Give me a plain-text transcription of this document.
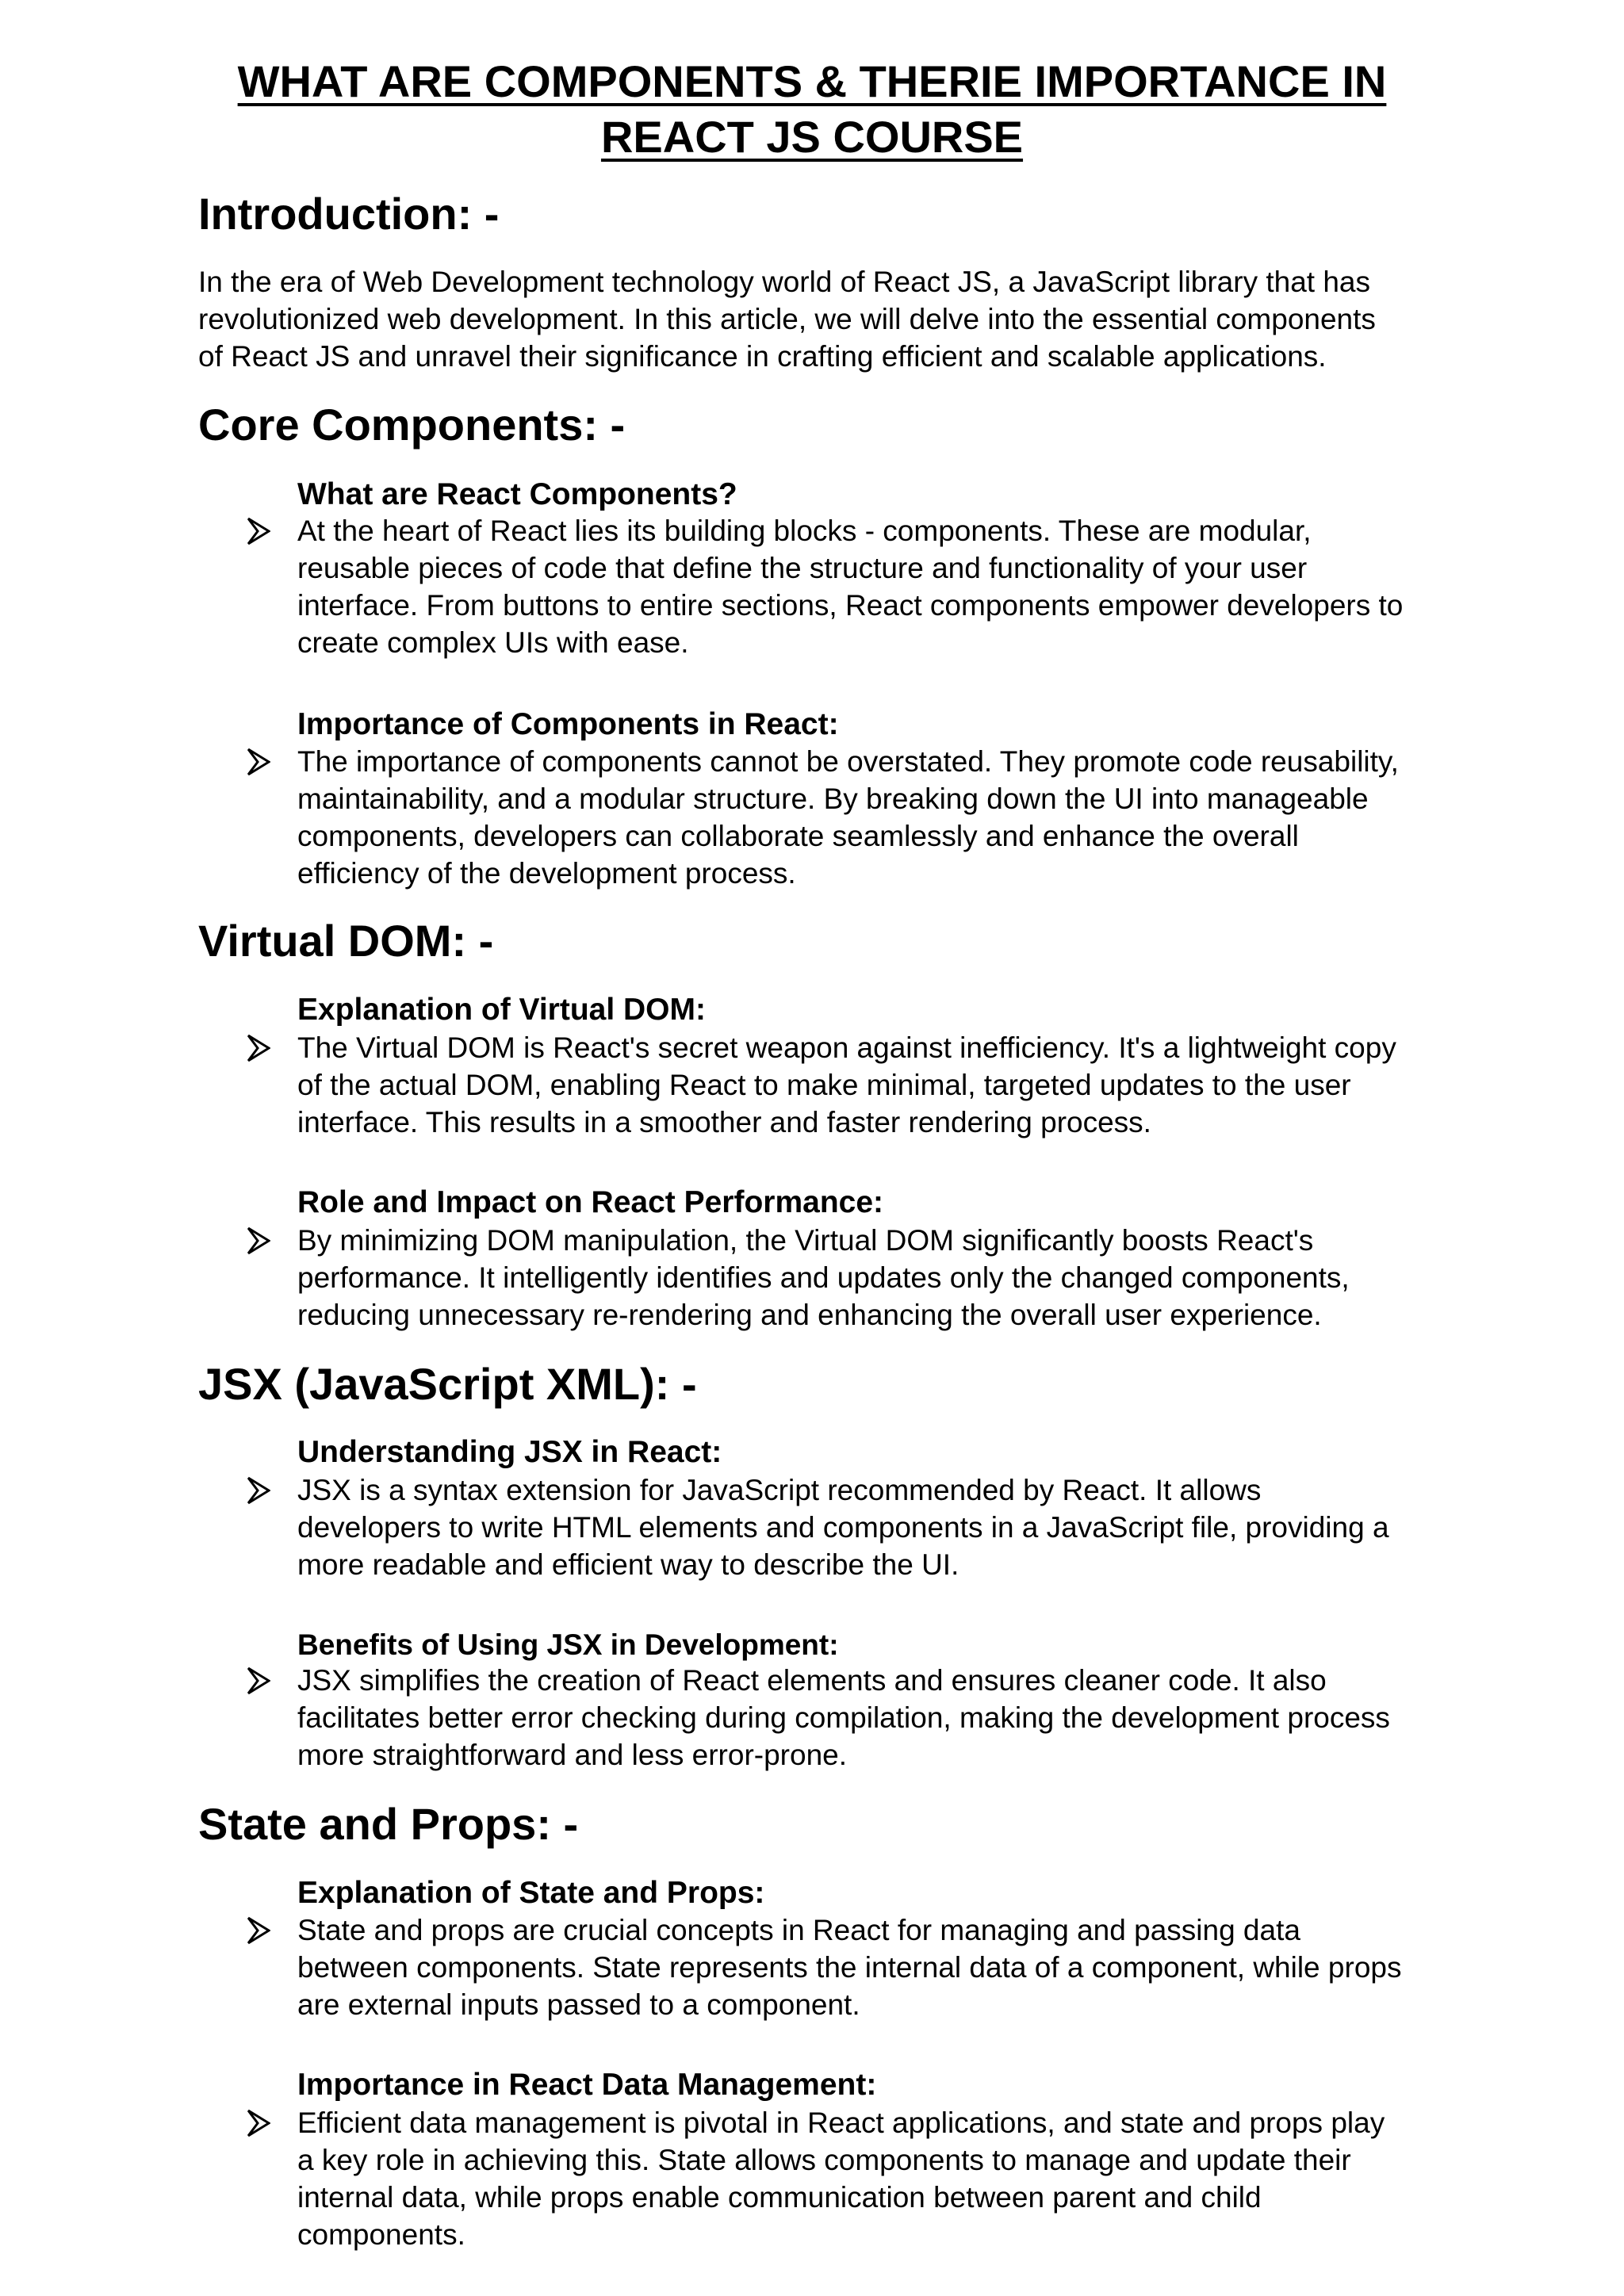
WHAT ARE COMPONENTS & THERIE IMPORTANCE IN
REACT JS COURSE
Introduction: -

In the era of Web Development technology world of React JS, a JavaScript library that has

revolutionized web development. In this article, we will delve into the essential components

of React JS and unravel their significance in crafting efficient and scalable applications.

Core Components: -
What are React Components?

At the heart of React lies its building blocks - components. These are modular,

reusable pieces of code that define the structure and functionality of your user

interface. From buttons to entire sections, React components empower developers to

create complex UIs with ease.

Importance of Components in React:

The importance of components cannot be overstated. They promote code reusability,

maintainability, and a modular structure. By breaking down the UI into manageable

components, developers can collaborate seamlessly and enhance the overall

efficiency of the development process.

Virtual DOM: -
Explanation of Virtual DOM:

The Virtual DOM is React's secret weapon against inefficiency. It's a lightweight copy

of the actual DOM, enabling React to make minimal, targeted updates to the user

interface. This results in a smoother and faster rendering process.

Role and Impact on React Performance:

By minimizing DOM manipulation, the Virtual DOM significantly boosts React's

performance. It intelligently identifies and updates only the changed components,

reducing unnecessary re-rendering and enhancing the overall user experience.

JSX (JavaScript XML): -
Understanding JSX in React:

JSX is a syntax extension for JavaScript recommended by React. It allows

developers to write HTML elements and components in a JavaScript file, providing a

more readable and efficient way to describe the UI.

Benefits of Using JSX in Development:

JSX simplifies the creation of React elements and ensures cleaner code. It also

facilitates better error checking during compilation, making the development process

more straightforward and less error-prone.

State and Props: -
Explanation of State and Props:

State and props are crucial concepts in React for managing and passing data

between components. State represents the internal data of a component, while props

are external inputs passed to a component.

Importance in React Data Management:

Efficient data management is pivotal in React applications, and state and props play

a key role in achieving this. State allows components to manage and update their

internal data, while props enable communication between parent and child

components.
